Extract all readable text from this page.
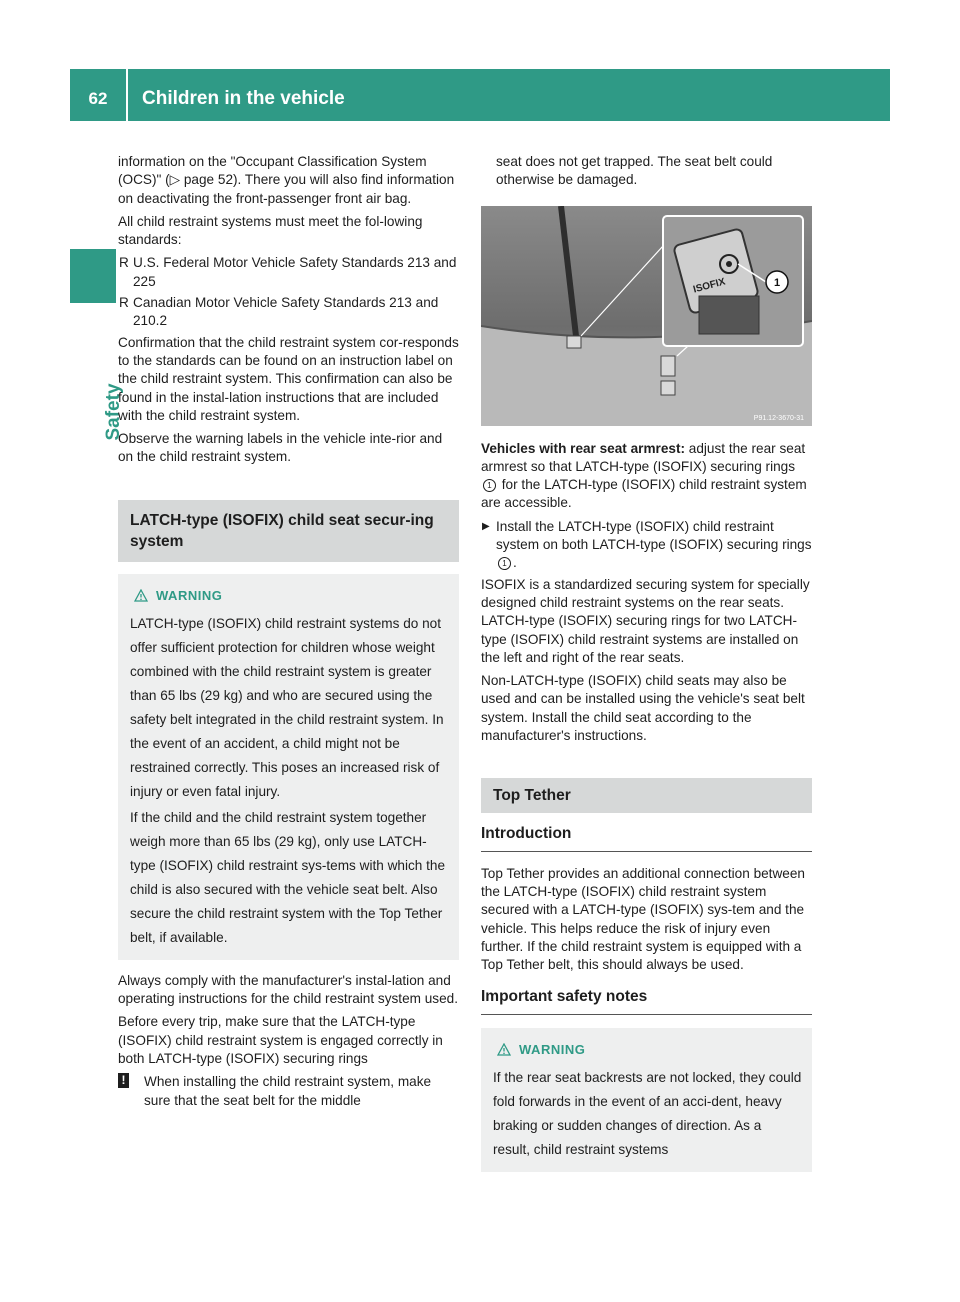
62	Children in the vehicle
Safety

information on the "Occupant Classification System (OCS)" (▷ page 52). There you will also find information on deactivating the front-passenger front air bag.

All child restraint systems must meet the fol-lowing standards:

R U.S. Federal Motor Vehicle Safety Standards 213 and 225
R Canadian Motor Vehicle Safety Standards 213 and 210.2

Confirmation that the child restraint system cor-responds to the standards can be found on an instruction label on the child restraint system. This confirmation can also be found in the instal-lation instructions that are included with the child restraint system.

Observe the warning labels in the vehicle inte-rior and on the child restraint system.

LATCH-type (ISOFIX) child seat secur-ing system
WARNING
LATCH-type (ISOFIX) child restraint systems do not offer sufficient protection for children whose weight combined with the child restraint system is greater than 65 lbs (29 kg) and who are secured using the safety belt integrated in the child restraint system. In the event of an accident, a child might not be restrained correctly. This poses an increased risk of injury or even fatal injury.
If the child and the child restraint system together weigh more than 65 lbs (29 kg), only use LATCH-type (ISOFIX) child restraint sys-tems with which the child is also secured with the vehicle seat belt. Also secure the child restraint system with the Top Tether belt, if available.

Always comply with the manufacturer's instal-lation and operating instructions for the child restraint system used.

Before every trip, make sure that the LATCH-type (ISOFIX) child restraint system is engaged correctly in both LATCH-type (ISOFIX) securing rings

! When installing the child restraint system, make sure that the seat belt for the middle
seat does not get trapped. The seat belt could otherwise be damaged.
ISOFIX	1
P91.12-3670-31

Vehicles with rear seat armrest: adjust the rear seat armrest so that LATCH-type (ISOFIX) securing rings 1 for the LATCH-type (ISOFIX) child restraint system are accessible.

▶ Install the LATCH-type (ISOFIX) child restraint system on both LATCH-type (ISOFIX) securing rings 1 .

ISOFIX is a standardized securing system for specially designed child restraint systems on the rear seats. LATCH-type (ISOFIX) securing rings for two LATCH-type (ISOFIX) child restraint systems are installed on the left and right of the rear seats.

Non-LATCH-type (ISOFIX) child seats may also be used and can be installed using the vehicle's seat belt system. Install the child seat according to the manufacturer's instructions.

Top Tether
Introduction

Top Tether provides an additional connection between the LATCH-type (ISOFIX) child restraint system secured with a LATCH-type (ISOFIX) sys-tem and the vehicle. This helps reduce the risk of injury even further. If the child restraint system is equipped with a Top Tether belt, this should always be used.

Important safety notes
WARNING
If the rear seat backrests are not locked, they could fold forwards in the event of an acci-dent, heavy braking or sudden changes of direction. As a result, child restraint systems
